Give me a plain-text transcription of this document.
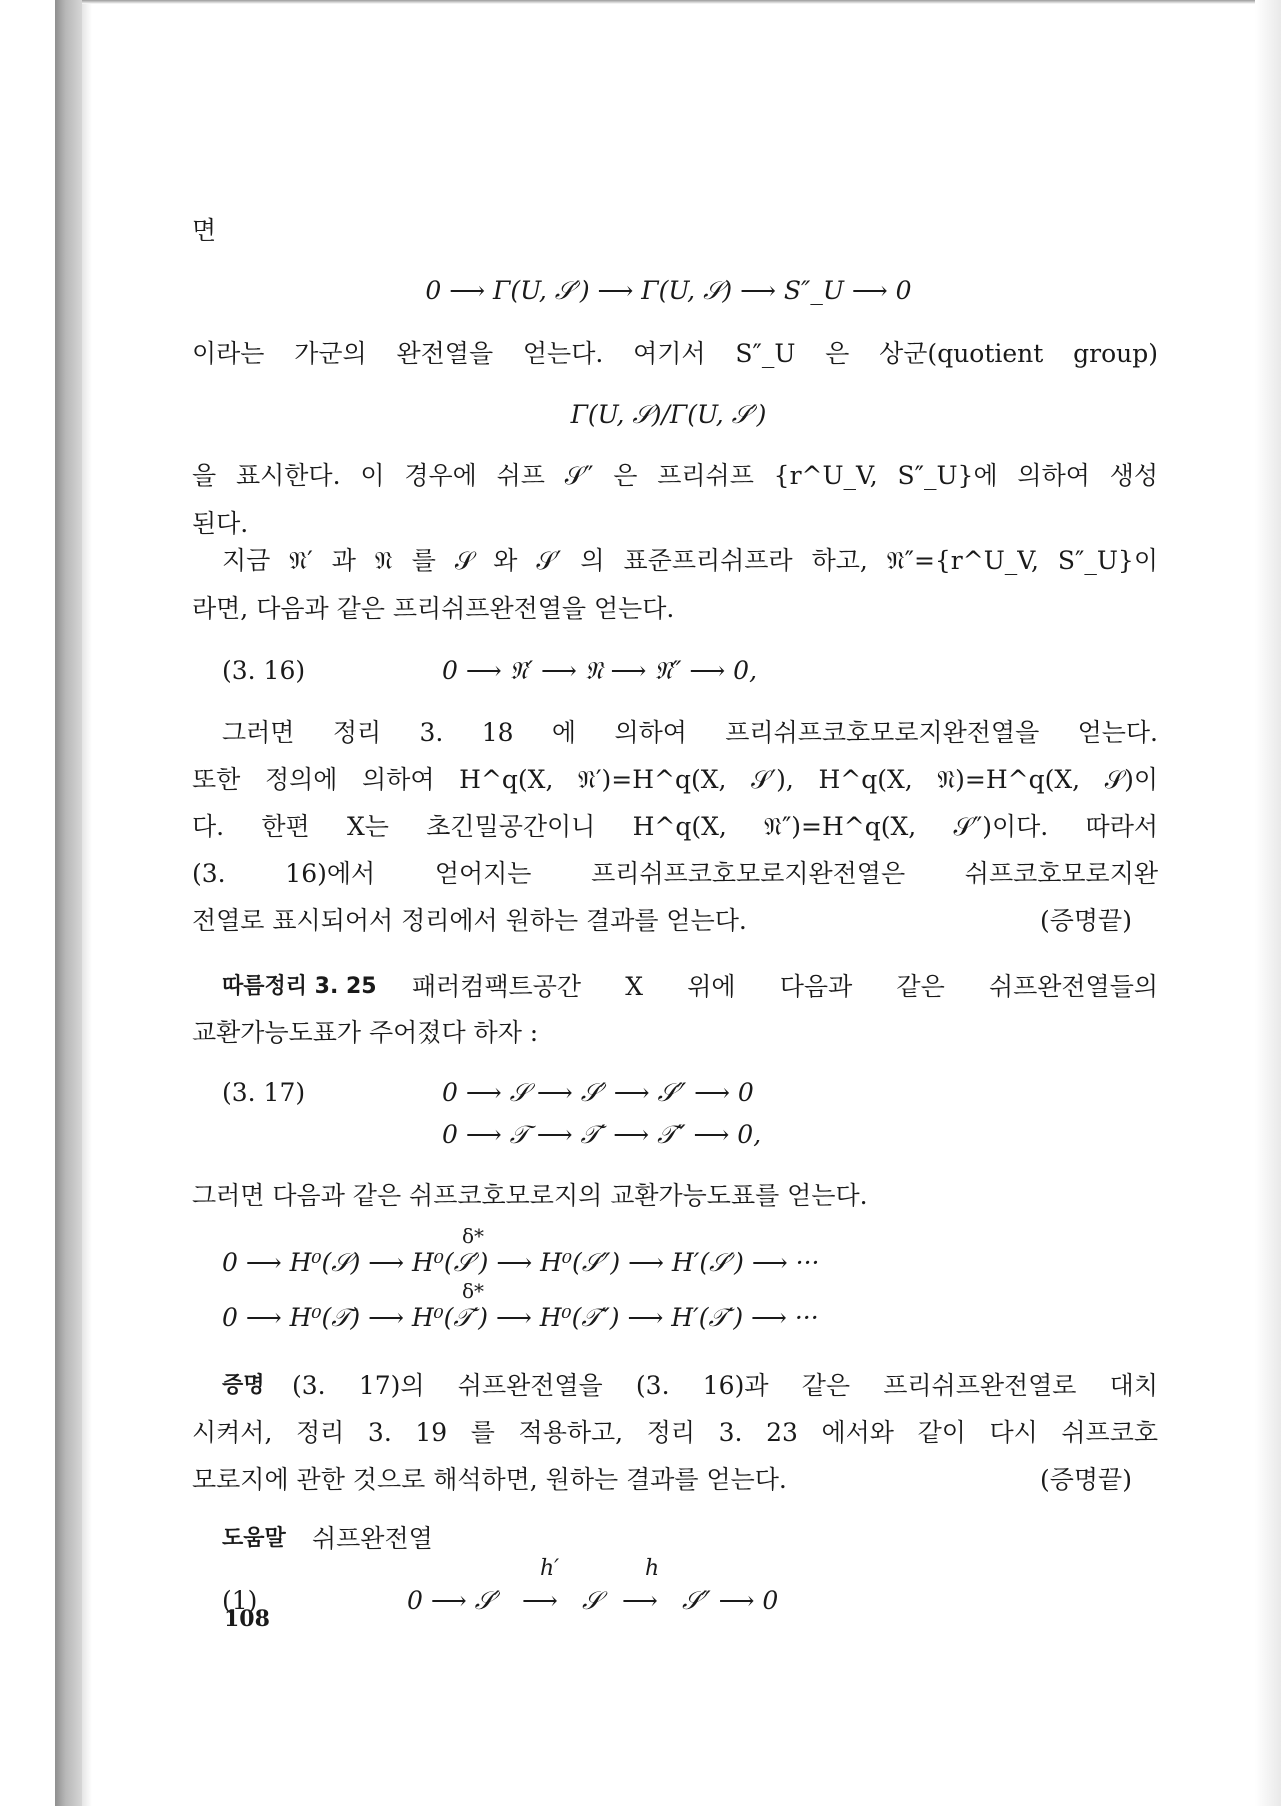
면
0 ⟶ Γ(U, 𝒮′) ⟶ Γ(U, 𝒮) ⟶ S″_U ⟶ 0
이라는 가군의 완전열을 얻는다. 여기서 S″_U 은 상군(quotient group)
Γ(U, 𝒮)/Γ(U, 𝒮′)
을 표시한다. 이 경우에 쉬프 𝒮″ 은 프리쉬프 {r^U_V, S″_U}에 의하여 생성
된다.
지금 𝔑′ 과 𝔑 를 𝒮 와 𝒮′ 의 표준프리쉬프라 하고, 𝔑″={r^U_V, S″_U}이
라면, 다음과 같은 프리쉬프완전열을 얻는다.
(3. 16)	0 ⟶ 𝔑′ ⟶ 𝔑 ⟶ 𝔑″ ⟶ 0,
그러면 정리 3. 18 에 의하여 프리쉬프코호모로지완전열을 얻는다.
또한 정의에 의하여 H^q(X, 𝔑′)=H^q(X, 𝒮′), H^q(X, 𝔑)=H^q(X, 𝒮)이
다. 한편 X는 초긴밀공간이니 H^q(X, 𝔑″)=H^q(X, 𝒮″)이다. 따라서
(3. 16)에서 얻어지는 프리쉬프코호모로지완전열은 쉬프코호모로지완
전열로 표시되어서 정리에서 원하는 결과를 얻는다.	(증명끝)
따름정리 3. 25 패러컴팩트공간 X 위에 다음과 같은 쉬프완전열들의
교환가능도표가 주어졌다 하자 :
(3. 17)	0 ⟶ 𝒮 ⟶ 𝒮′ ⟶ 𝒮″ ⟶ 0
0 ⟶ 𝒯 ⟶ 𝒯′ ⟶ 𝒯″ ⟶ 0,
그러면 다음과 같은 쉬프코호모로지의 교환가능도표를 얻는다.
δ*
0 ⟶ H⁰(𝒮) ⟶ H⁰(𝒮′) ⟶ H⁰(𝒮″) ⟶ H′(𝒮′) ⟶ ···
δ*
0 ⟶ H⁰(𝒯) ⟶ H⁰(𝒯′) ⟶ H⁰(𝒯″) ⟶ H′(𝒯′) ⟶ ···
증명 (3. 17)의 쉬프완전열을 (3. 16)과 같은 프리쉬프완전열로 대치
시켜서, 정리 3. 19 를 적용하고, 정리 3. 23 에서와 같이 다시 쉬프코호
모로지에 관한 것으로 해석하면, 원하는 결과를 얻는다.	(증명끝)
도움말 쉬프완전열
(1)	0 ⟶ 𝒮′
h′
⟶ 𝒮
h
⟶ 𝒮″ ⟶ 0
108
